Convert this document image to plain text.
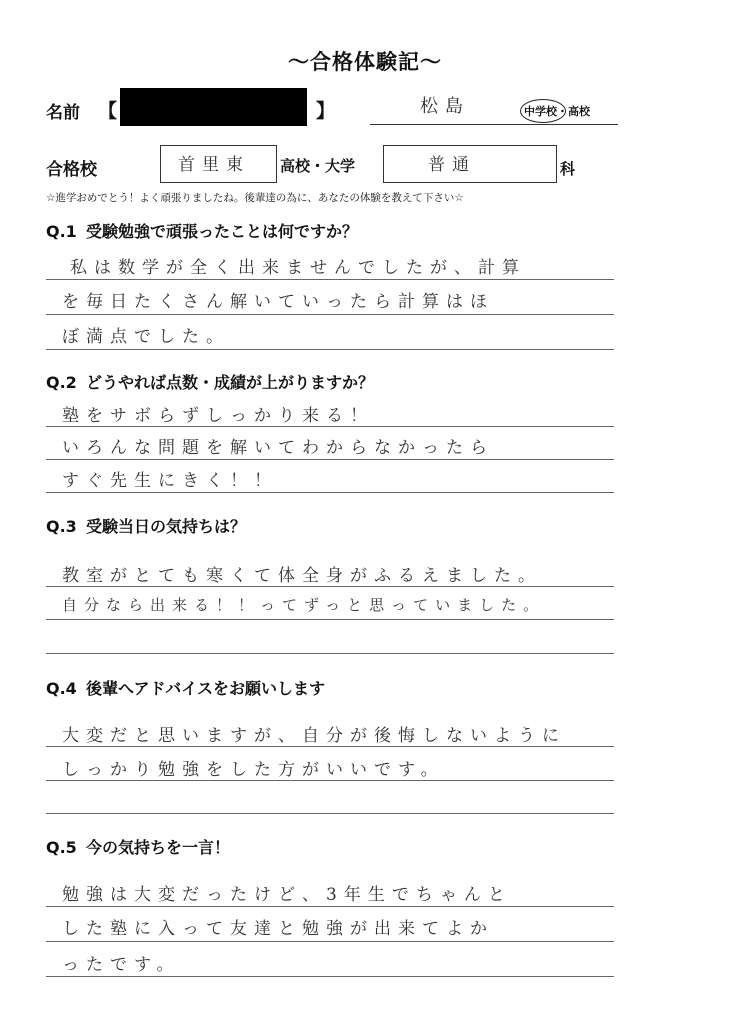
〜合格体験記〜
名前 【	】	松島	中学校・高校
合格校	首里東 高校・大学	普通	科
☆進学おめでとう！よく頑張りましたね。後輩達の為に、あなたの体験を教えて下さい☆
Q.1 受験勉強で頑張ったことは何ですか？
私は数学が全く出来ませんでしたが、計算
を毎日たくさん解いていったら計算はほ
ぼ満点でした。
Q.2 どうやれば点数・成績が上がりますか？
塾をサボらずしっかり来る！
いろんな問題を解いてわからなかったら
すぐ先生にきく！！
Q.3 受験当日の気持ちは？
教室がとても寒くて体全身がふるえました。
自分なら出来る！！ってずっと思っていました。
Q.4 後輩へアドバイスをお願いします
大変だと思いますが、自分が後悔しないように
しっかり勉強をした方がいいです。
Q.5 今の気持ちを一言！
勉強は大変だったけど、3年生でちゃんと
した塾に入って友達と勉強が出来てよか
ったです。
